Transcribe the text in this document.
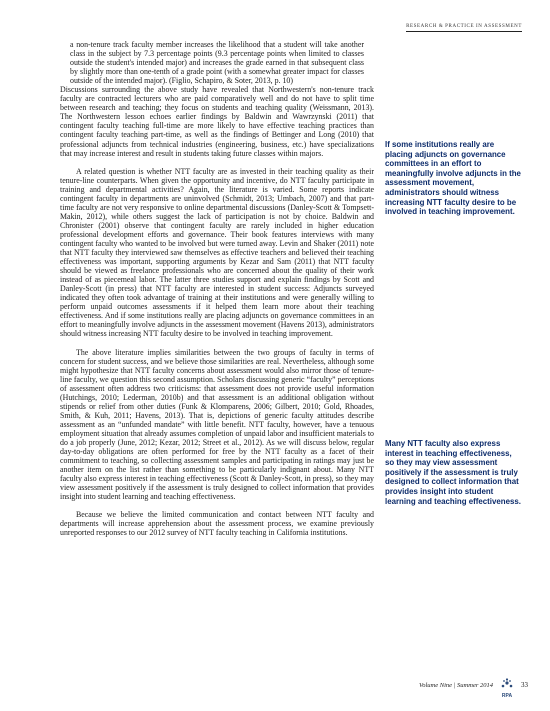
RESEARCH & PRACTICE IN ASSESSMENT

a non-tenure track faculty member increases the likelihood that a student will take another class in the subject by 7.3 percentage points (9.3 percentage points when limited to classes outside the student's intended major) and increases the grade earned in that subsequent class by slightly more than one-tenth of a grade point (with a somewhat greater impact for classes outside of the intended major). (Figlio, Schapiro, & Soter, 2013, p. 10)

Discussions surrounding the above study have revealed that Northwestern's non-tenure track faculty are contracted lecturers who are paid comparatively well and do not have to split time between research and teaching; they focus on students and teaching quality (Weissmann, 2013). The Northwestern lesson echoes earlier findings by Baldwin and Wawrzynski (2011) that contingent faculty teaching full-time are more likely to have effective teaching practices than contingent faculty teaching part-time, as well as the findings of Bettinger and Long (2010) that professional adjuncts from technical industries (engineering, business, etc.) have specializations that may increase interest and result in students taking future classes within majors.

A related question is whether NTT faculty are as invested in their teaching quality as their tenure-line counterparts. When given the opportunity and incentive, do NTT faculty participate in training and departmental activities? Again, the literature is varied. Some reports indicate contingent faculty in departments are uninvolved (Schmidt, 2013; Umbach, 2007) and that part-time faculty are not very responsive to online departmental discussions (Danley-Scott & Tompsett-Makin, 2012), while others suggest the lack of participation is not by choice. Baldwin and Chronister (2001) observe that contingent faculty are rarely included in higher education professional development efforts and governance. Their book features interviews with many contingent faculty who wanted to be involved but were turned away. Levin and Shaker (2011) note that NTT faculty they interviewed saw themselves as effective teachers and believed their teaching effectiveness was important, supporting arguments by Kezar and Sam (2011) that NTT faculty should be viewed as freelance professionals who are concerned about the quality of their work instead of as piecemeal labor. The latter three studies support and explain findings by Scott and Danley-Scott (in press) that NTT faculty are interested in student success: Adjuncts surveyed indicated they often took advantage of training at their institutions and were generally willing to perform unpaid outcomes assessments if it helped them learn more about their teaching effectiveness. And if some institutions really are placing adjuncts on governance committees in an effort to meaningfully involve adjuncts in the assessment movement (Havens 2013), administrators should witness increasing NTT faculty desire to be involved in teaching improvement.

The above literature implies similarities between the two groups of faculty in terms of concern for student success, and we believe those similarities are real. Nevertheless, although some might hypothesize that NTT faculty concerns about assessment would also mirror those of tenure-line faculty, we question this second assumption. Scholars discussing generic “faculty” perceptions of assessment often address two criticisms: that assessment does not provide useful information (Hutchings, 2010; Lederman, 2010b) and that assessment is an additional obligation without stipends or relief from other duties (Funk & Klomparens, 2006; Gilbert, 2010; Gold, Rhoades, Smith, & Kuh, 2011; Havens, 2013). That is, depictions of generic faculty attitudes describe assessment as an “unfunded mandate” with little benefit. NTT faculty, however, have a tenuous employment situation that already assumes completion of unpaid labor and insufficient materials to do a job properly (June, 2012; Kezar, 2012; Street et al., 2012). As we will discuss below, regular day-to-day obligations are often performed for free by the NTT faculty as a facet of their commitment to teaching, so collecting assessment samples and participating in ratings may just be another item on the list rather than something to be particularly indignant about. Many NTT faculty also express interest in teaching effectiveness (Scott & Danley-Scott, in press), so they may view assessment positively if the assessment is truly designed to collect information that provides insight into student learning and teaching effectiveness.

Because we believe the limited communication and contact between NTT faculty and departments will increase apprehension about the assessment process, we examine previously unreported responses to our 2012 survey of NTT faculty teaching in California institutions.

If some institutions really are placing adjuncts on governance committees in an effort to meaningfully involve adjuncts in the assessment movement, administrators should witness increasing NTT faculty desire to be involved in teaching improvement.
Many NTT faculty also express interest in teaching effectiveness, so they may view assessment positively if the assessment is truly designed to collect information that provides insight into student learning and teaching effectiveness.
Volume Nine | Summer 2014
RPA
33
